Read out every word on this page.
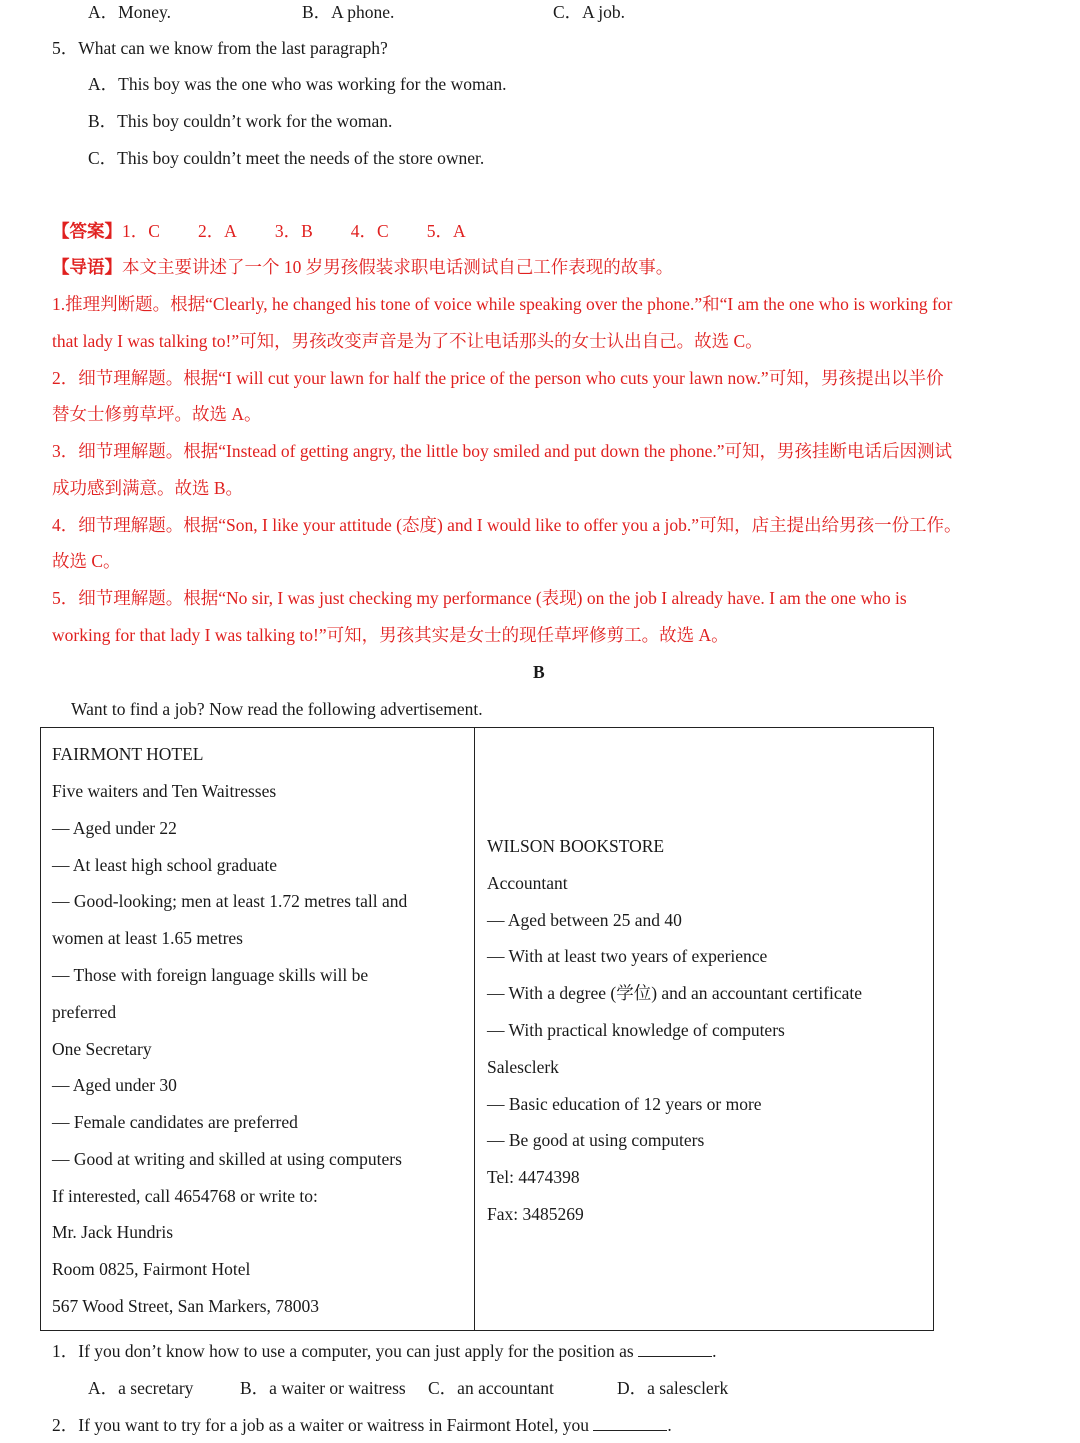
A．Money.	B．A phone.	C．A job.
5．What can we know from the last paragraph?
A．This boy was the one who was working for the woman.
B．This boy couldn’t work for the woman.
C．This boy couldn’t meet the needs of the store owner.
【答案】1．C 2．A 3．B 4．C 5．A
【导语】本文主要讲述了一个 10 岁男孩假装求职电话测试自己工作表现的故事。
1.推理判断题。根据“Clearly, he changed his tone of voice while speaking over the phone.”和“I am the one who is working for
that lady I was talking to!”可知，男孩改变声音是为了不让电话那头的女士认出自己。故选 C。
2．细节理解题。根据“I will cut your lawn for half the price of the person who cuts your lawn now.”可知，男孩提出以半价
替女士修剪草坪。故选 A。
3．细节理解题。根据“Instead of getting angry, the little boy smiled and put down the phone.”可知，男孩挂断电话后因测试
成功感到满意。故选 B。
4．细节理解题。根据“Son, I like your attitude (态度) and I would like to offer you a job.”可知，店主提出给男孩一份工作。
故选 C。
5．细节理解题。根据“No sir, I was just checking my performance (表现) on the job I already have. I am the one who is
working for that lady I was talking to!”可知，男孩其实是女士的现任草坪修剪工。故选 A。
B
Want to find a job? Now read the following advertisement.
FAIRMONT HOTEL
Five waiters and Ten Waitresses
— Aged under 22
— At least high school graduate
— Good-looking; men at least 1.72 metres tall and
women at least 1.65 metres
— Those with foreign language skills will be
preferred
One Secretary
— Aged under 30
— Female candidates are preferred
— Good at writing and skilled at using computers
If interested, call 4654768 or write to:
Mr. Jack Hundris
Room 0825, Fairmont Hotel
567 Wood Street, San Markers, 78003
WILSON BOOKSTORE
Accountant
— Aged between 25 and 40
— With at least two years of experience
— With a degree (学位) and an accountant certificate
— With practical knowledge of computers
Salesclerk
— Basic education of 12 years or more
— Be good at using computers
Tel: 4474398
Fax: 3485269
1．If you don’t know how to use a computer, you can just apply for the position as	.
A．a secretary	B．a waiter or waitress C．an accountant	D．a salesclerk
2．If you want to try for a job as a waiter or waitress in Fairmont Hotel, you	.
